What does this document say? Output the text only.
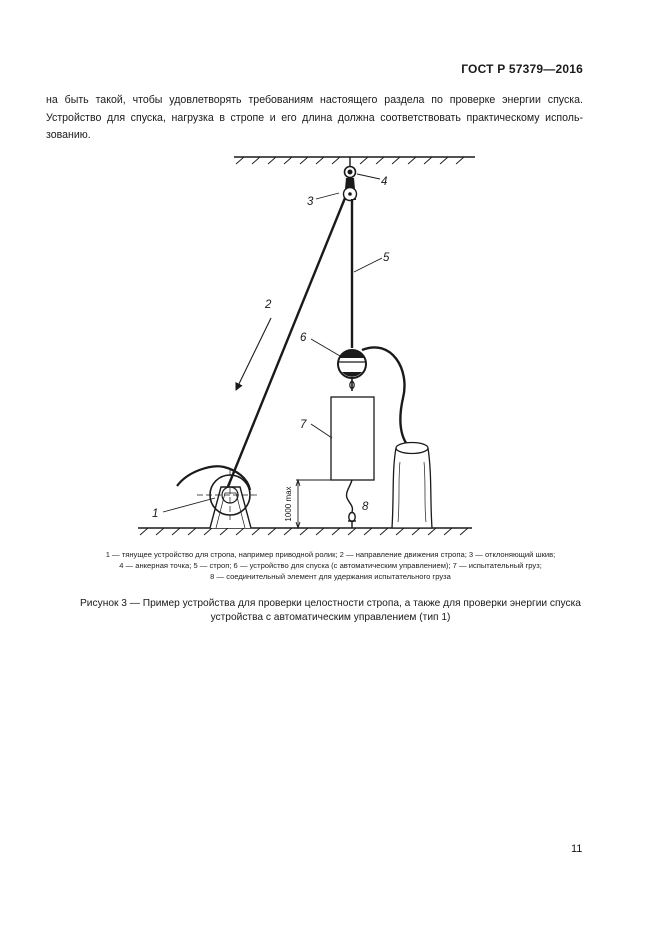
ГОСТ Р 57379—2016
на быть такой, чтобы удовлетворять требованиям настоящего раздела по проверке энергии спуска.
Устройство для спуска, нагрузка в стропе и его длина должна соответствовать практическому исполь-
зованию.
1000 max
1
2
3
4
5
6
7
8
1 — тянущее устройство для стропа, например приводной ролик; 2 — направление движения стропа; 3 — отклоняющий шкив;
4 — анкерная точка; 5 — строп; 6 — устройство для спуска (с автоматическим управлением); 7 — испытательный груз;
8 — соединительный элемент для удержания испытательного груза
Рисунок 3 — Пример устройства для проверки целостности стропа, а также для проверки энергии спуска
устройства с автоматическим управлением (тип 1)
11
